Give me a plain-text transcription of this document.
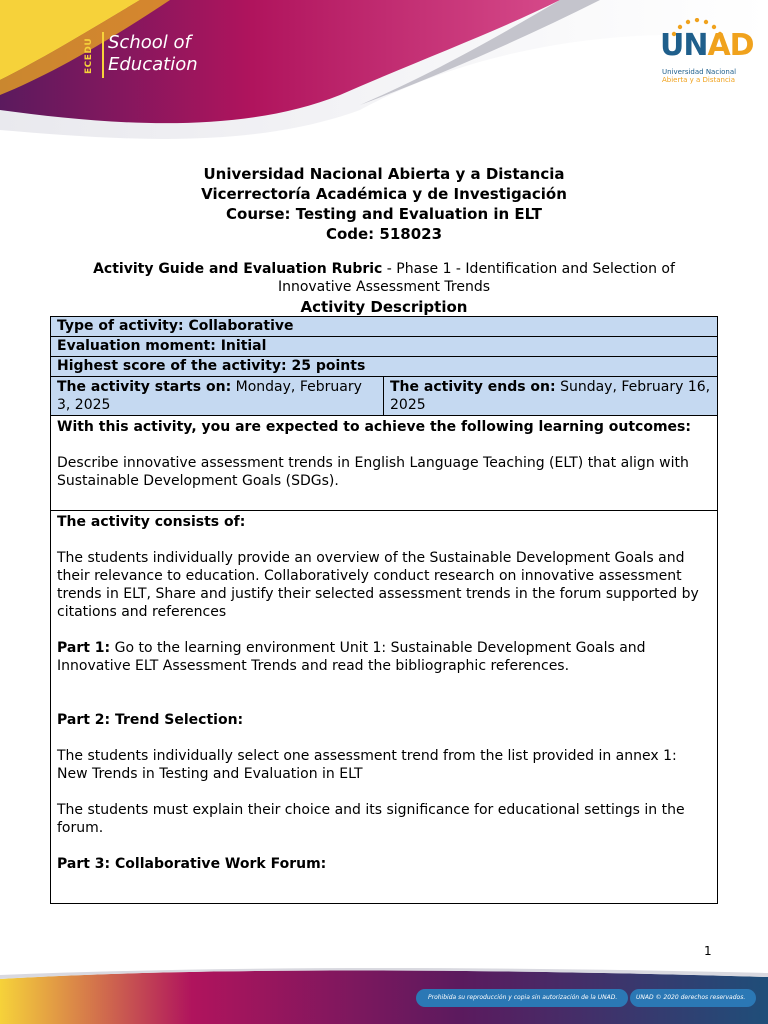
ECEDU School of
Education
UNAD
Universidad Nacional
Abierta y a Distancia
Universidad Nacional Abierta y a Distancia
Vicerrectoría Académica y de Investigación
Course: Testing and Evaluation in ELT
Code: 518023
Activity Guide and Evaluation Rubric - Phase 1 - Identification and Selection of
Innovative Assessment Trends
Activity Description
Type of activity: Collaborative
Evaluation moment: Initial
Highest score of the activity: 25 points
The activity starts on: Monday, February 3, 2025
The activity ends on: Sunday, February 16, 2025

With this activity, you are expected to achieve the following learning outcomes:

Describe innovative assessment trends in English Language Teaching (ELT) that align with Sustainable Development Goals (SDGs).

The activity consists of:

The students individually provide an overview of the Sustainable Development Goals and their relevance to education. Collaboratively conduct research on innovative assessment trends in ELT, Share and justify their selected assessment trends in the forum supported by citations and references

Part 1: Go to the learning environment Unit 1: Sustainable Development Goals and Innovative ELT Assessment Trends and read the bibliographic references.

Part 2: Trend Selection:

The students individually select one assessment trend from the list provided in annex 1: New Trends in Testing and Evaluation in ELT

The students must explain their choice and its significance for educational settings in the forum.

Part 3: Collaborative Work Forum:

1
Prohibida su reproducción y copia sin autorización de la UNAD.	UNAD © 2020 derechos reservados.
